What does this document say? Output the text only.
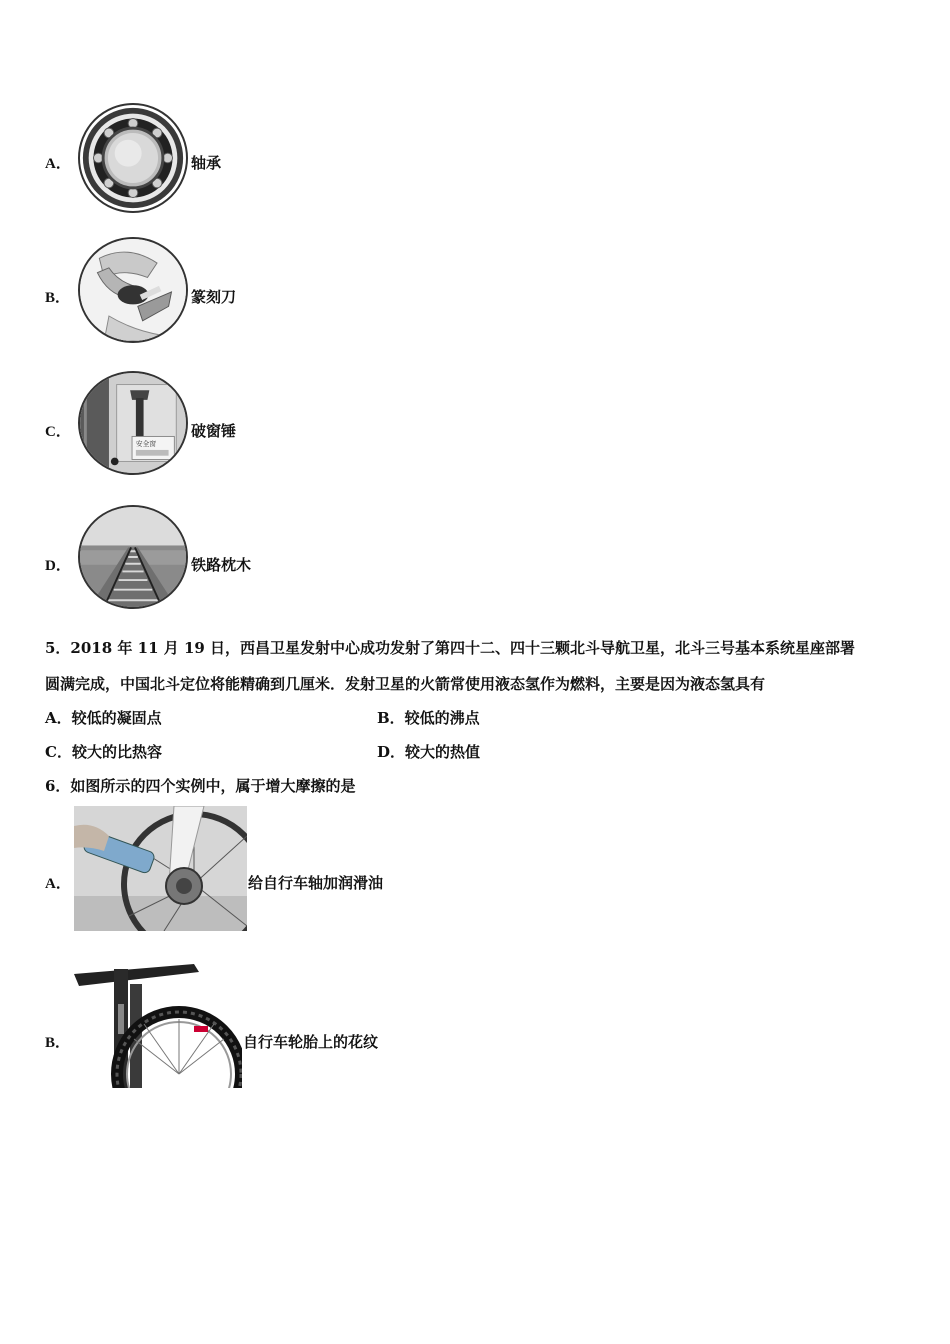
A．	轴承
B．	篆刻刀
C．
安全窗
破窗锤
D．	铁路枕木
5．2018 年 11 月 19 日，西昌卫星发射中心成功发射了第四十二、四十三颗北斗导航卫星，北斗三号基本系统星座部署
圆满完成，中国北斗定位将能精确到几厘米．发射卫星的火箭常使用液态氢作为燃料，主要是因为液态氢具有
A．较低的凝固点	B．较低的沸点
C．较大的比热容	D．较大的热值
6．如图所示的四个实例中，属于增大摩擦的是
A．	给自行车轴加润滑油
B．	自行车轮胎上的花纹
